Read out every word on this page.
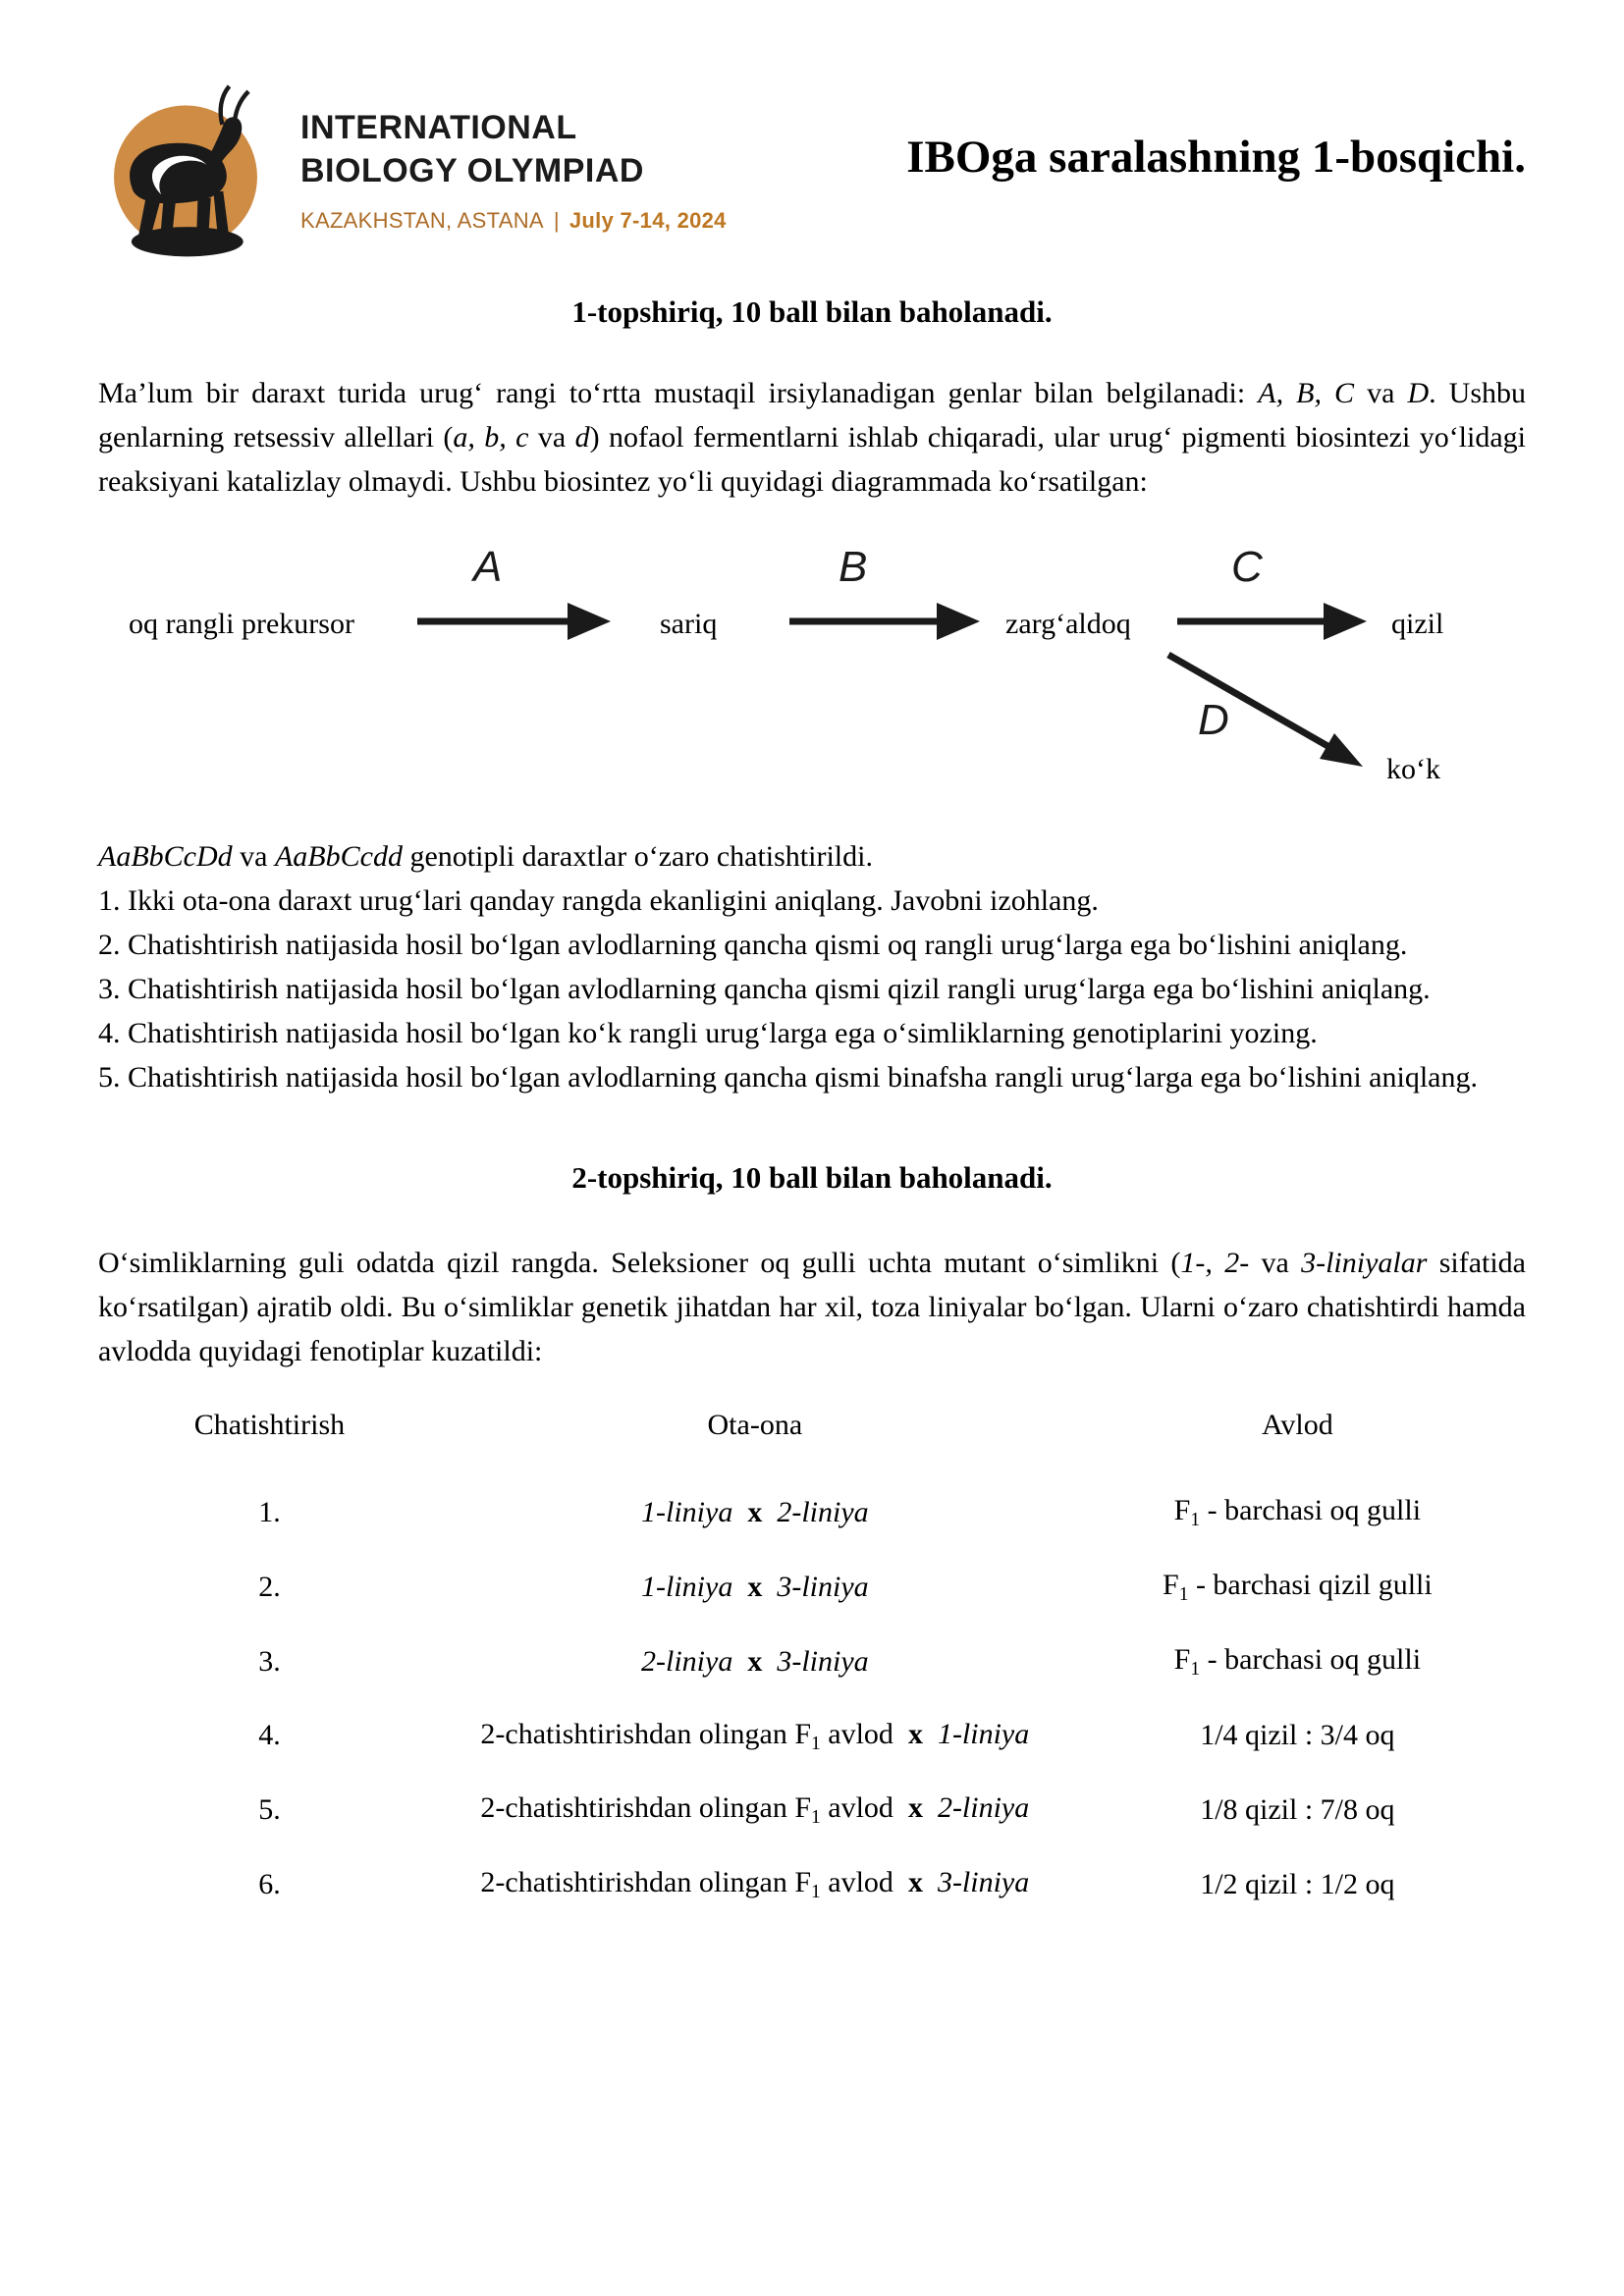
INTERNATIONAL
BIOLOGY OLYMPIAD
KAZAKHSTAN, ASTANA | July 7-14, 2024
IBOga saralashning 1-bosqichi.
1-topshiriq, 10 ball bilan baholanadi.

Ma’lum bir daraxt turida urug‘ rangi to‘rtta mustaqil irsiylanadigan genlar bilan belgilanadi: A, B, C va D. Ushbu genlarning retsessiv allellari (a, b, c va d) nofaol fermentlarni ishlab chiqaradi, ular urug‘ pigmenti biosintezi yo‘lidagi reaksiyani katalizlay olmaydi. Ushbu biosintez yo‘li quyidagi diagrammada ko‘rsatilgan:

oq rangli prekursor	sariq	zarg‘aldoq	qizil
ko‘k
A	B	C
D
AaBbCcDd va AaBbCcdd genotipli daraxtlar o‘zaro chatishtirildi.
1. Ikki ota-ona daraxt urug‘lari qanday rangda ekanligini aniqlang. Javobni izohlang.
2. Chatishtirish natijasida hosil bo‘lgan avlodlarning qancha qismi oq rangli urug‘larga ega bo‘lishini aniqlang.
3. Chatishtirish natijasida hosil bo‘lgan avlodlarning qancha qismi qizil rangli urug‘larga ega bo‘lishini aniqlang.
4. Chatishtirish natijasida hosil bo‘lgan ko‘k rangli urug‘larga ega o‘simliklarning genotiplarini yozing.
5. Chatishtirish natijasida hosil bo‘lgan avlodlarning qancha qismi binafsha rangli urug‘larga ega bo‘lishini aniqlang.
2-topshiriq, 10 ball bilan baholanadi.

O‘simliklarning guli odatda qizil rangda. Seleksioner oq gulli uchta mutant o‘simlikni (1-, 2- va 3-liniyalar sifatida ko‘rsatilgan) ajratib oldi. Bu o‘simliklar genetik jihatdan har xil, toza liniyalar bo‘lgan. Ularni o‘zaro chatishtirdi hamda avlodda quyidagi fenotiplar kuzatildi:

Chatishtirish	Ota-ona	Avlod
1.	1-liniya x 2-liniya	F1 - barchasi oq gulli
2.	1-liniya x 3-liniya	F1 - barchasi qizil gulli
3.	2-liniya x 3-liniya	F1 - barchasi oq gulli
4.	2-chatishtirishdan olingan F1 avlod x 1-liniya	1/4 qizil : 3/4 oq
5.	2-chatishtirishdan olingan F1 avlod x 2-liniya	1/8 qizil : 7/8 oq
6.	2-chatishtirishdan olingan F1 avlod x 3-liniya	1/2 qizil : 1/2 oq
